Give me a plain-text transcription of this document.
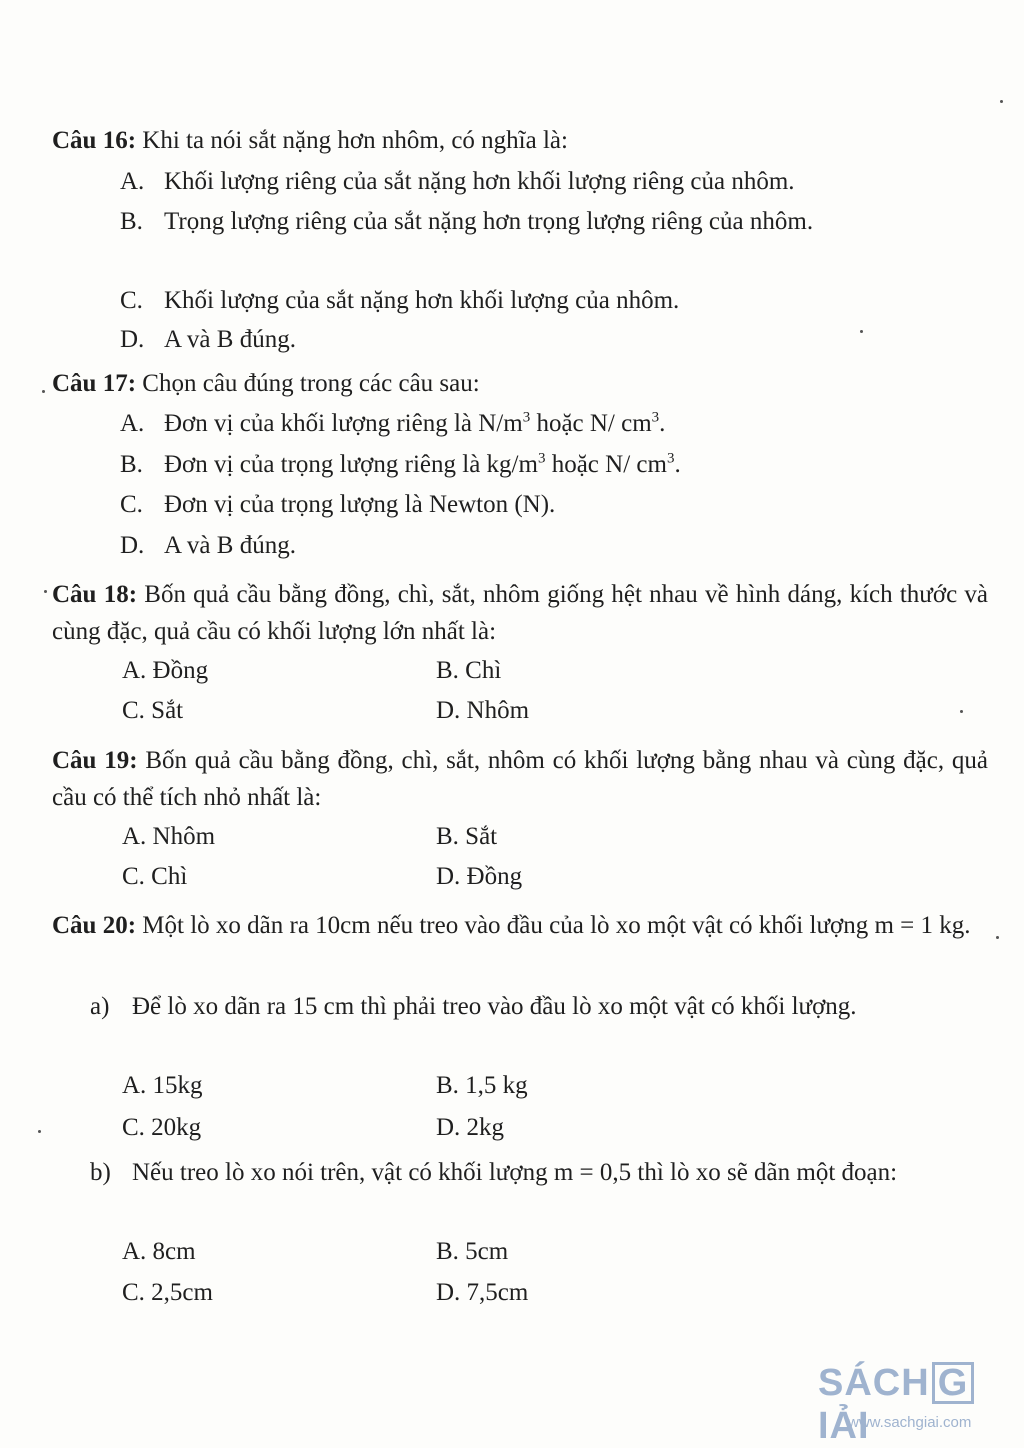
Câu 16: Khi ta nói sắt nặng hơn nhôm, có nghĩa là:
A. Khối lượng riêng của sắt nặng hơn khối lượng riêng của nhôm.
B. Trọng lượng riêng của sắt nặng hơn trọng lượng riêng của nhôm.
C. Khối lượng của sắt nặng hơn khối lượng của nhôm.
D. A và B đúng.
Câu 17: Chọn câu đúng trong các câu sau:
A. Đơn vị của khối lượng riêng là $N/m^3$ hoặc N/ $cm^3$.
B. Đơn vị của trọng lượng riêng là $kg/m^3$ hoặc N/ $cm^3$.
C. Đơn vị của trọng lượng là Newton (N).
D. A và B đúng.
Câu 18: Bốn quả cầu bằng đồng, chì, sắt, nhôm giống hệt nhau về hình dáng, kích thước và cùng đặc, quả cầu có khối lượng lớn nhất là:
A. Đồng	B. Chì
C. Sắt	D. Nhôm
Câu 19: Bốn quả cầu bằng đồng, chì, sắt, nhôm có khối lượng bằng nhau và cùng đặc, quả cầu có thể tích nhỏ nhất là:
A. Nhôm	B. Sắt
C. Chì	D. Đồng
Câu 20: Một lò xo dãn ra 10cm nếu treo vào đầu của lò xo một vật có khối lượng m = 1 kg.
a) Để lò xo dãn ra 15 cm thì phải treo vào đầu lò xo một vật có khối lượng.
A. 15kg	B. 1,5 kg
C. 20kg	D. 2kg
b) Nếu treo lò xo nói trên, vật có khối lượng m = 0,5 thì lò xo sẽ dãn một đoạn:
A. 8cm	B. 5cm
C. 2,5cm	D. 7,5cm
SÁCH GIẢI
www.sachgiai.com
